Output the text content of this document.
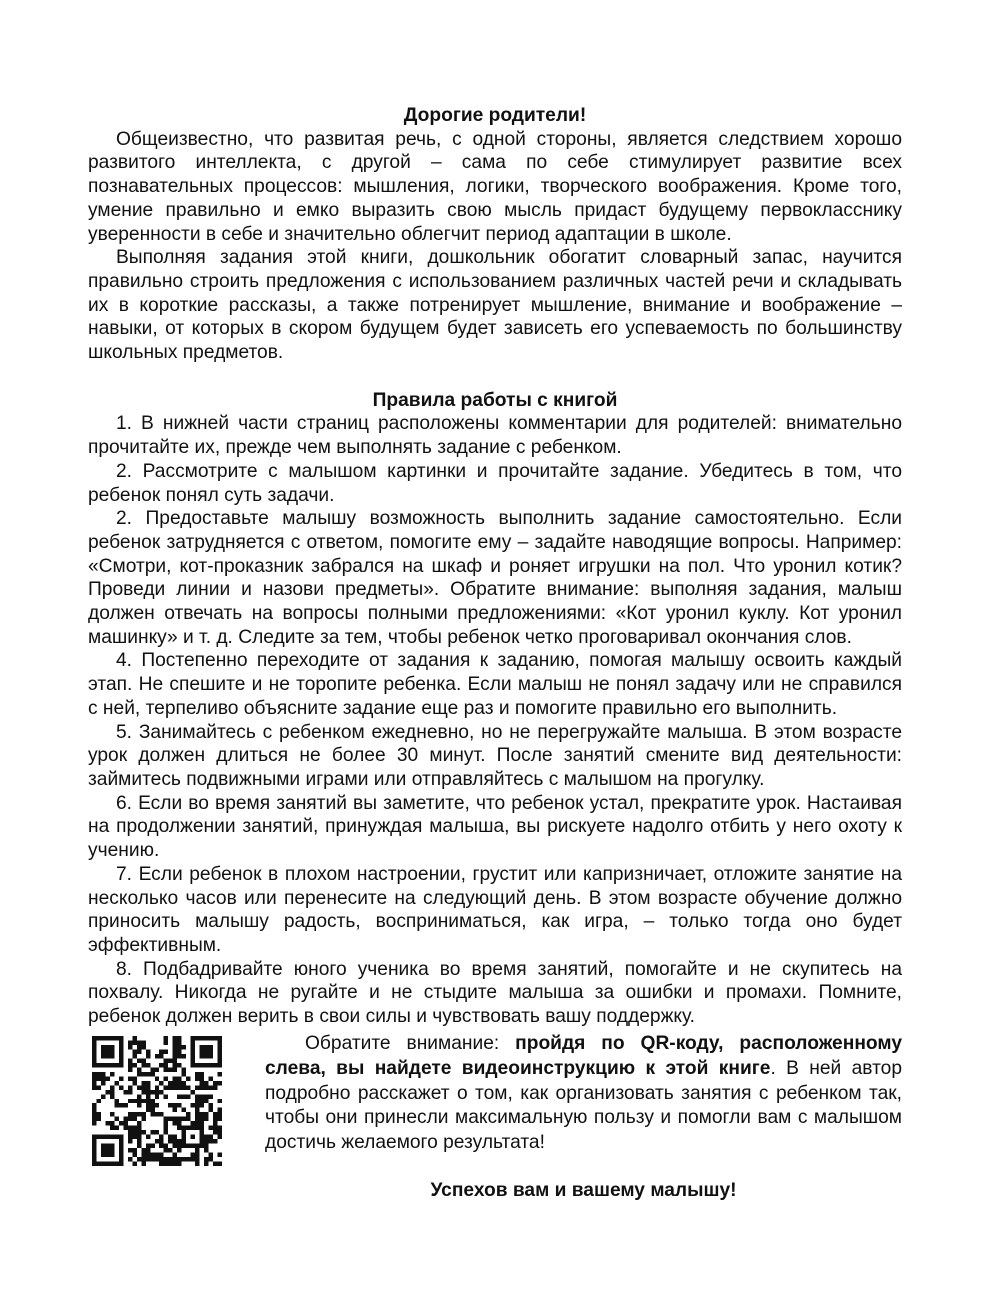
Дорогие родители!

Общеизвестно, что развитая речь, с одной стороны, является следствием хорошо развитого интеллекта, с другой – сама по себе стимулирует развитие всех познавательных процессов: мышления, логики, творческого воображения. Кроме того, умение правильно и емко выразить свою мысль придаст будущему первокласснику уверенности в себе и значительно облегчит период адаптации в школе.

Выполняя задания этой книги, дошкольник обогатит словарный запас, научится правильно строить предложения с использованием различных частей речи и складывать их в короткие рассказы, а также потренирует мышление, внимание и воображение – навыки, от которых в скором будущем будет зависеть его успеваемость по большинству школьных предметов.

Правила работы с книгой

1. В нижней части страниц расположены комментарии для родителей: внимательно прочитайте их, прежде чем выполнять задание с ребенком.

2. Рассмотрите с малышом картинки и прочитайте задание. Убедитесь в том, что ребенок понял суть задачи.

2. Предоставьте малышу возможность выполнить задание самостоятельно. Если ребенок затрудняется с ответом, помогите ему – задайте наводящие вопросы. Например: «Смотри, кот-проказник забрался на шкаф и роняет игрушки на пол. Что уронил котик? Проведи линии и назови предметы». Обратите внимание: выполняя задания, малыш должен отвечать на вопросы полными предложениями: «Кот уронил куклу. Кот уронил машинку» и т. д. Следите за тем, чтобы ребенок четко проговаривал окончания слов.

4. Постепенно переходите от задания к заданию, помогая малышу освоить каждый этап. Не спешите и не торопите ребенка. Если малыш не понял задачу или не справился с ней, терпеливо объясните задание еще раз и помогите правильно его выполнить.

5. Занимайтесь с ребенком ежедневно, но не перегружайте малыша. В этом возрасте урок должен длиться не более 30 минут. После занятий смените вид деятельности: займитесь подвижными играми или отправляйтесь с малышом на прогулку.

6. Если во время занятий вы заметите, что ребенок устал, прекратите урок. Настаивая на продолжении занятий, принуждая малыша, вы рискуете надолго отбить у него охоту к учению.

7. Если ребенок в плохом настроении, грустит или капризничает, отложите занятие на несколько часов или перенесите на следующий день. В этом возрасте обучение должно приносить малышу радость, восприниматься, как игра, – только тогда оно будет эффективным.

8. Подбадривайте юного ученика во время занятий, помогайте и не скупитесь на похвалу. Никогда не ругайте и не стыдите малыша за ошибки и промахи. Помните, ребенок должен верить в свои силы и чувствовать вашу поддержку.

Обратите внимание: пройдя по QR-коду, расположенному слева, вы найдете видеоинструкцию к этой книге. В ней автор подробно расскажет о том, как организовать занятия с ребенком так, чтобы они принесли максимальную пользу и помогли вам с малышом достичь желаемого результата!

Успехов вам и вашему малышу!
